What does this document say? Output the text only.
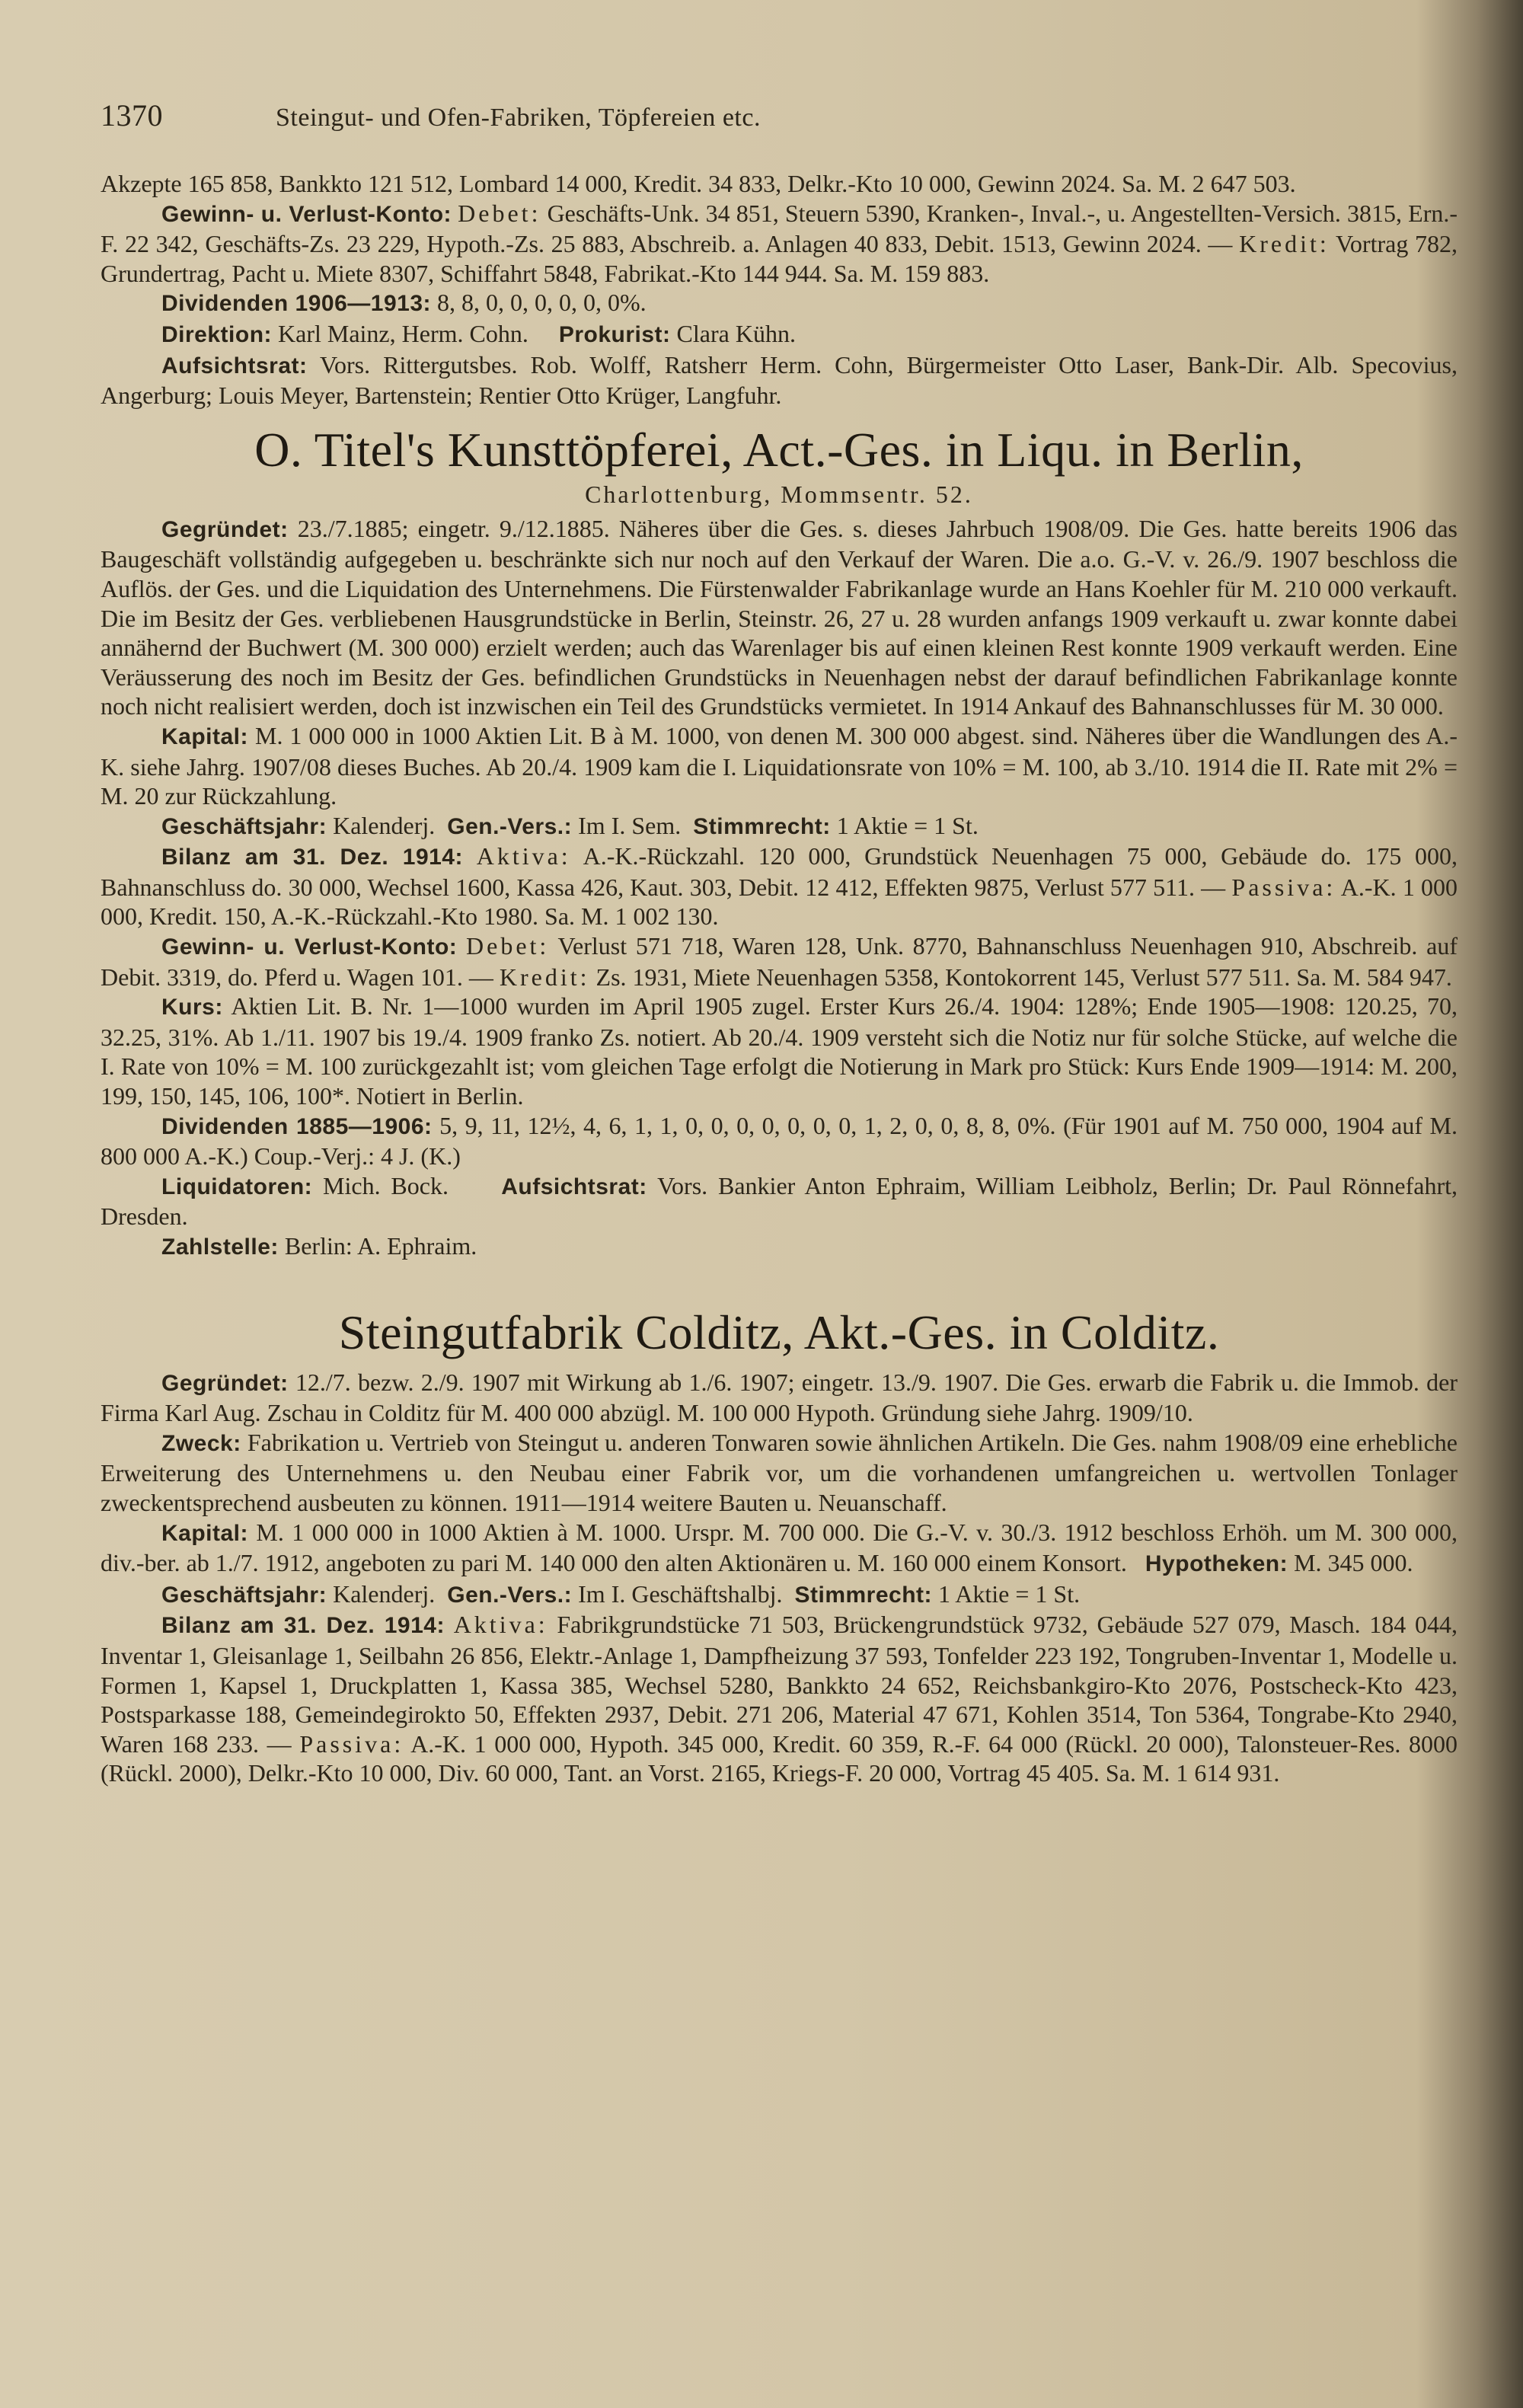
1370	Steingut- und Ofen-Fabriken, Töpfereien etc.

Akzepte 165 858, Bankkto 121 512, Lombard 14 000, Kredit. 34 833, Delkr.-Kto 10 000, Gewinn 2024. Sa. M. 2 647 503.

Gewinn- u. Verlust-Konto: Debet: Geschäfts-Unk. 34 851, Steuern 5390, Kranken-, Inval.-, u. Angestellten-Versich. 3815, Ern.-F. 22 342, Geschäfts-Zs. 23 229, Hypoth.-Zs. 25 883, Abschreib. a. Anlagen 40 833, Debit. 1513, Gewinn 2024. — Kredit: Vortrag 782, Grundertrag, Pacht u. Miete 8307, Schiffahrt 5848, Fabrikat.-Kto 144 944. Sa. M. 159 883.

Dividenden 1906—1913: 8, 8, 0, 0, 0, 0, 0, 0%.

Direktion: Karl Mainz, Herm. Cohn. Prokurist: Clara Kühn.

Aufsichtsrat: Vors. Rittergutsbes. Rob. Wolff, Ratsherr Herm. Cohn, Bürgermeister Otto Laser, Bank-Dir. Alb. Specovius, Angerburg; Louis Meyer, Bartenstein; Rentier Otto Krüger, Langfuhr.

O. Titel's Kunsttöpferei, Act.-Ges. in Liqu. in Berlin,
Charlottenburg, Mommsentr. 52.

Gegründet: 23./7.1885; eingetr. 9./12.1885. Näheres über die Ges. s. dieses Jahrbuch 1908/09. Die Ges. hatte bereits 1906 das Baugeschäft vollständig aufgegeben u. beschränkte sich nur noch auf den Verkauf der Waren. Die a.o. G.-V. v. 26./9. 1907 beschloss die Auflös. der Ges. und die Liquidation des Unternehmens. Die Fürstenwalder Fabrikanlage wurde an Hans Koehler für M. 210 000 verkauft. Die im Besitz der Ges. verbliebenen Hausgrundstücke in Berlin, Steinstr. 26, 27 u. 28 wurden anfangs 1909 verkauft u. zwar konnte dabei annähernd der Buchwert (M. 300 000) erzielt werden; auch das Warenlager bis auf einen kleinen Rest konnte 1909 verkauft werden. Eine Veräusserung des noch im Besitz der Ges. befindlichen Grundstücks in Neuenhagen nebst der darauf befindlichen Fabrikanlage konnte noch nicht realisiert werden, doch ist inzwischen ein Teil des Grundstücks vermietet. In 1914 Ankauf des Bahnanschlusses für M. 30 000.

Kapital: M. 1 000 000 in 1000 Aktien Lit. B à M. 1000, von denen M. 300 000 abgest. sind. Näheres über die Wandlungen des A.-K. siehe Jahrg. 1907/08 dieses Buches. Ab 20./4. 1909 kam die I. Liquidationsrate von 10% = M. 100, ab 3./10. 1914 die II. Rate mit 2% = M. 20 zur Rückzahlung.

Geschäftsjahr: Kalenderj. Gen.-Vers.: Im I. Sem. Stimmrecht: 1 Aktie = 1 St.

Bilanz am 31. Dez. 1914: Aktiva: A.-K.-Rückzahl. 120 000, Grundstück Neuenhagen 75 000, Gebäude do. 175 000, Bahnanschluss do. 30 000, Wechsel 1600, Kassa 426, Kaut. 303, Debit. 12 412, Effekten 9875, Verlust 577 511. — Passiva: A.-K. 1 000 000, Kredit. 150, A.-K.-Rückzahl.-Kto 1980. Sa. M. 1 002 130.

Gewinn- u. Verlust-Konto: Debet: Verlust 571 718, Waren 128, Unk. 8770, Bahnanschluss Neuenhagen 910, Abschreib. auf Debit. 3319, do. Pferd u. Wagen 101. — Kredit: Zs. 1931, Miete Neuenhagen 5358, Kontokorrent 145, Verlust 577 511. Sa. M. 584 947.

Kurs: Aktien Lit. B. Nr. 1—1000 wurden im April 1905 zugel. Erster Kurs 26./4. 1904: 128%; Ende 1905—1908: 120.25, 70, 32.25, 31%. Ab 1./11. 1907 bis 19./4. 1909 franko Zs. notiert. Ab 20./4. 1909 versteht sich die Notiz nur für solche Stücke, auf welche die I. Rate von 10% = M. 100 zurückgezahlt ist; vom gleichen Tage erfolgt die Notierung in Mark pro Stück: Kurs Ende 1909—1914: M. 200, 199, 150, 145, 106, 100*. Notiert in Berlin.

Dividenden 1885—1906: 5, 9, 11, 12½, 4, 6, 1, 1, 0, 0, 0, 0, 0, 0, 0, 1, 2, 0, 0, 8, 8, 0%. (Für 1901 auf M. 750 000, 1904 auf M. 800 000 A.-K.) Coup.-Verj.: 4 J. (K.)

Liquidatoren: Mich. Bock. Aufsichtsrat: Vors. Bankier Anton Ephraim, William Leibholz, Berlin; Dr. Paul Rönnefahrt, Dresden.

Zahlstelle: Berlin: A. Ephraim.

Steingutfabrik Colditz, Akt.-Ges. in Colditz.

Gegründet: 12./7. bezw. 2./9. 1907 mit Wirkung ab 1./6. 1907; eingetr. 13./9. 1907. Die Ges. erwarb die Fabrik u. die Immob. der Firma Karl Aug. Zschau in Colditz für M. 400 000 abzügl. M. 100 000 Hypoth. Gründung siehe Jahrg. 1909/10.

Zweck: Fabrikation u. Vertrieb von Steingut u. anderen Tonwaren sowie ähnlichen Artikeln. Die Ges. nahm 1908/09 eine erhebliche Erweiterung des Unternehmens u. den Neubau einer Fabrik vor, um die vorhandenen umfangreichen u. wertvollen Tonlager zweckentsprechend ausbeuten zu können. 1911—1914 weitere Bauten u. Neuanschaff.

Kapital: M. 1 000 000 in 1000 Aktien à M. 1000. Urspr. M. 700 000. Die G.-V. v. 30./3. 1912 beschloss Erhöh. um M. 300 000, div.-ber. ab 1./7. 1912, angeboten zu pari M. 140 000 den alten Aktionären u. M. 160 000 einem Konsort. Hypotheken: M. 345 000.

Geschäftsjahr: Kalenderj. Gen.-Vers.: Im I. Geschäftshalbj. Stimmrecht: 1 Aktie = 1 St.

Bilanz am 31. Dez. 1914: Aktiva: Fabrikgrundstücke 71 503, Brückengrundstück 9732, Gebäude 527 079, Masch. 184 044, Inventar 1, Gleisanlage 1, Seilbahn 26 856, Elektr.-Anlage 1, Dampfheizung 37 593, Tonfelder 223 192, Tongruben-Inventar 1, Modelle u. Formen 1, Kapsel 1, Druckplatten 1, Kassa 385, Wechsel 5280, Bankkto 24 652, Reichsbankgiro-Kto 2076, Postscheck-Kto 423, Postsparkasse 188, Gemeindegirokto 50, Effekten 2937, Debit. 271 206, Material 47 671, Kohlen 3514, Ton 5364, Tongrabe-Kto 2940, Waren 168 233. — Passiva: A.-K. 1 000 000, Hypoth. 345 000, Kredit. 60 359, R.-F. 64 000 (Rückl. 20 000), Talonsteuer-Res. 8000 (Rückl. 2000), Delkr.-Kto 10 000, Div. 60 000, Tant. an Vorst. 2165, Kriegs-F. 20 000, Vortrag 45 405. Sa. M. 1 614 931.
